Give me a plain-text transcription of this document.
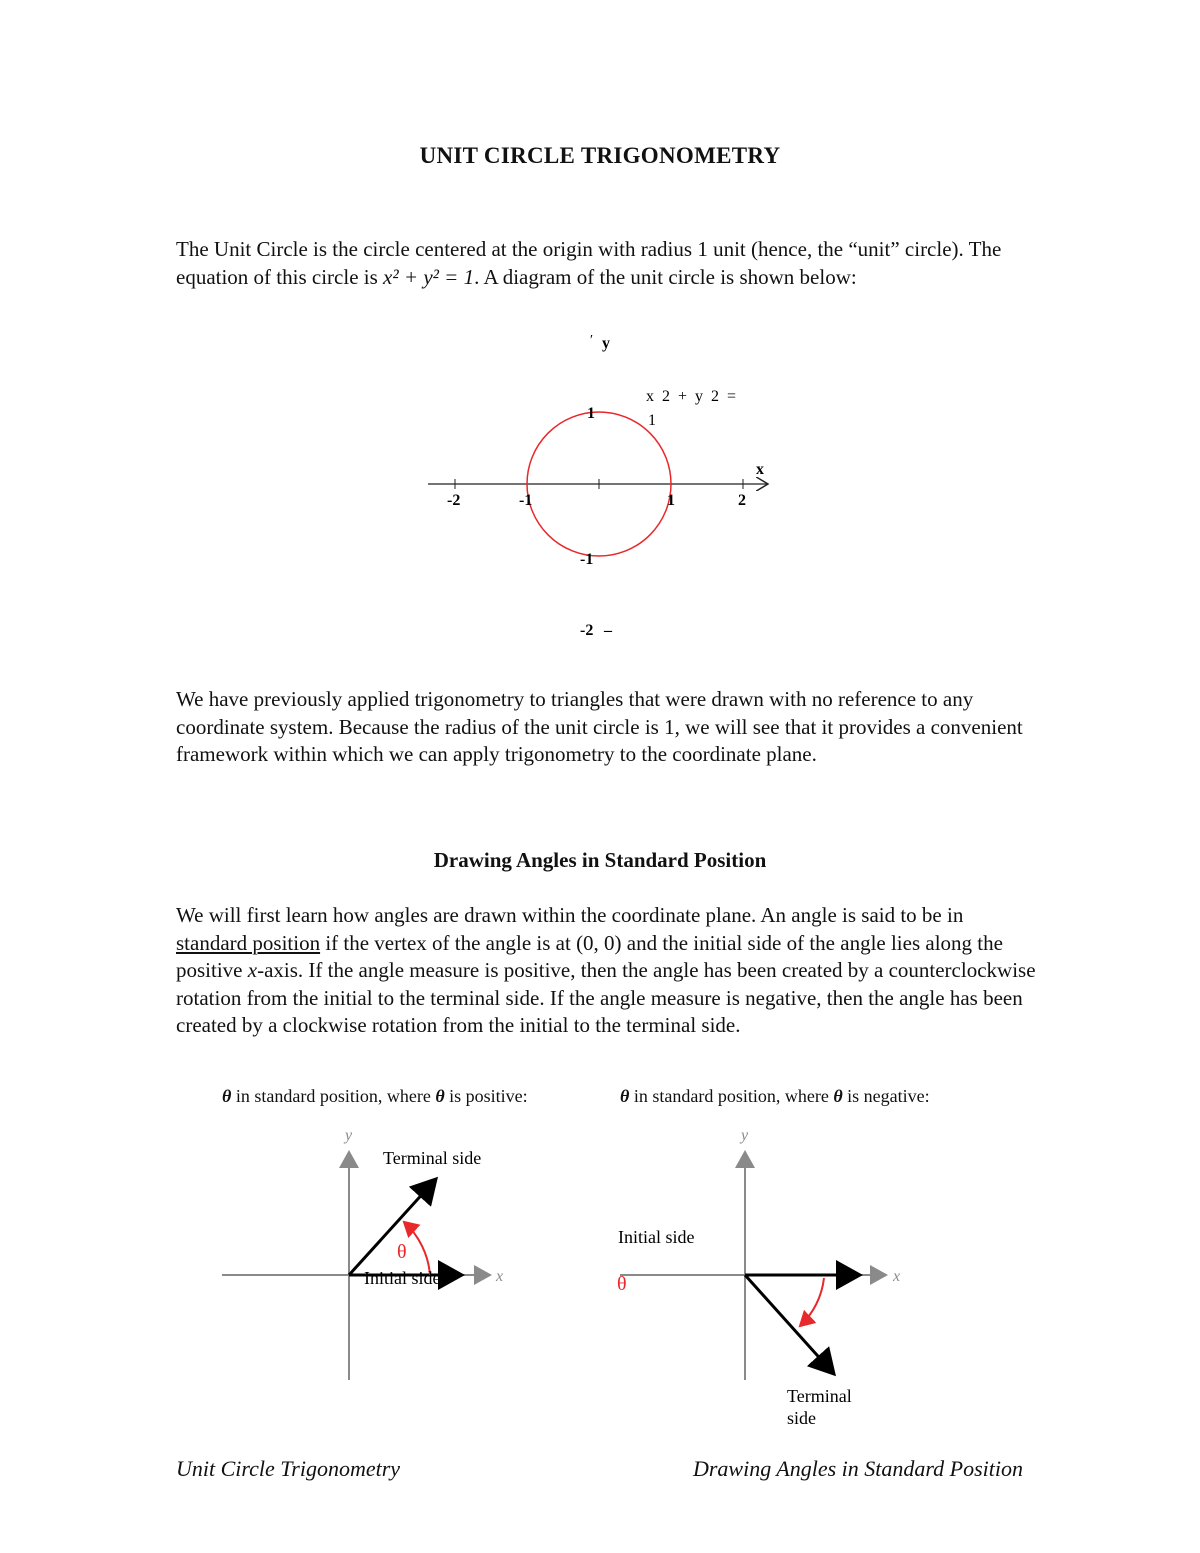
UNIT CIRCLE TRIGONOMETRY
The Unit Circle is the circle centered at the origin with radius 1 unit (hence, the “unit” circle). The equation of this circle is x² + y² = 1. A diagram of the unit circle is shown below:
′ y
x
-2	-1	1	2
1
-1
-2 –
x 2 + y 2 =
1
We have previously applied trigonometry to triangles that were drawn with no reference to any coordinate system. Because the radius of the unit circle is 1, we will see that it provides a convenient framework within which we can apply trigonometry to the coordinate plane.
Drawing Angles in Standard Position
We will first learn how angles are drawn within the coordinate plane. An angle is said to be in standard position if the vertex of the angle is at (0, 0) and the initial side of the angle lies along the positive x-axis. If the angle measure is positive, then the angle has been created by a counterclockwise rotation from the initial to the terminal side. If the angle measure is negative, then the angle has been created by a clockwise rotation from the initial to the terminal side.
θ in standard position, where θ is positive:	θ in standard position, where θ is negative:
y
x
Terminal side
Initial side
θ
y
x
Initial side
θ
Terminal
side
Unit Circle Trigonometry	Drawing Angles in Standard Position
